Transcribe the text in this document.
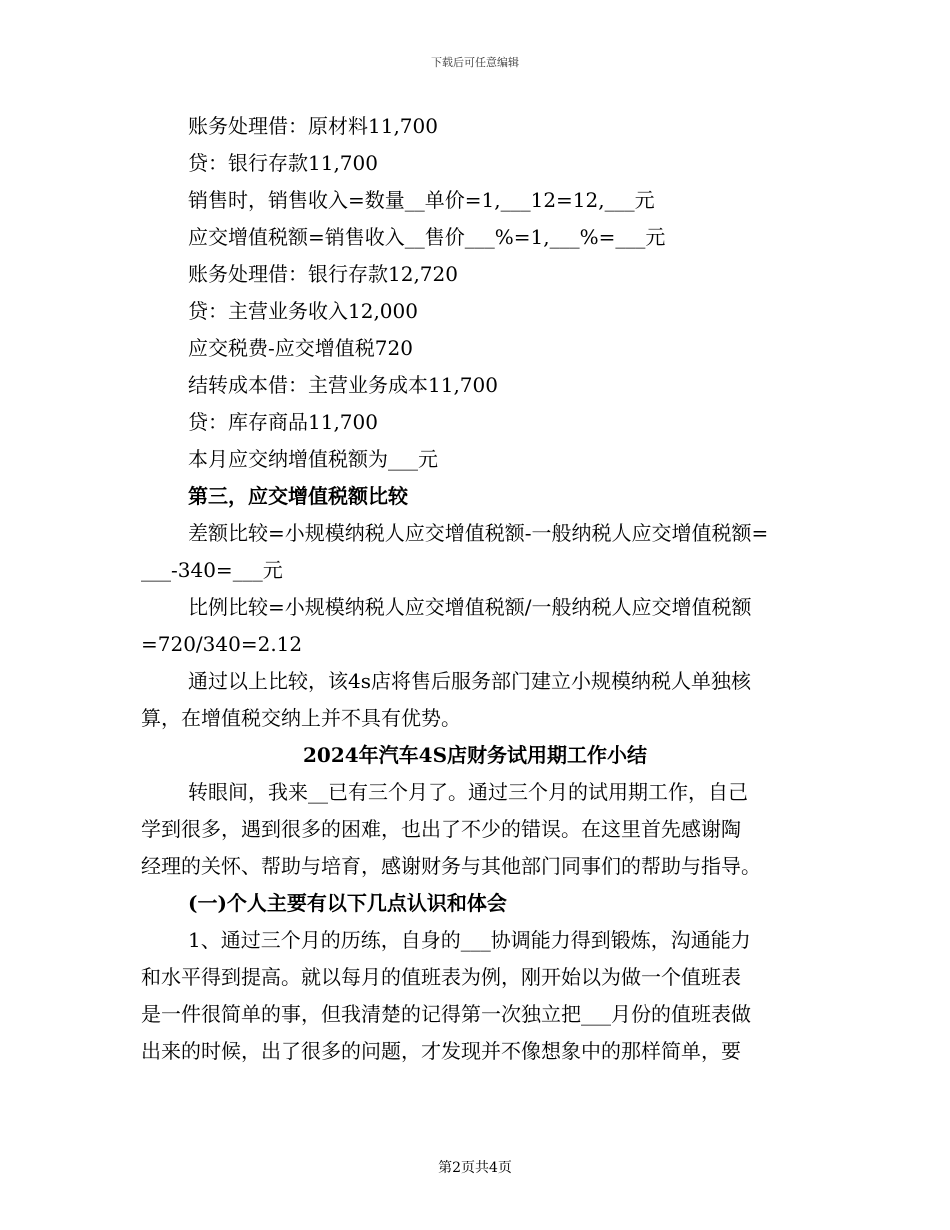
下载后可任意编辑
账务处理借：原材料11,700
贷：银行存款11,700
销售时，销售收入=数量__单价=1,___12=12,___元
应交增值税额=销售收入__售价___%=1,___%=___元
账务处理借：银行存款12,720
贷：主营业务收入12,000
应交税费-应交增值税720
结转成本借：主营业务成本11,700
贷：库存商品11,700
本月应交纳增值税额为___元
第三，应交增值税额比较
差额比较=小规模纳税人应交增值税额-一般纳税人应交增值税额=
___-340=___元
比例比较=小规模纳税人应交增值税额/一般纳税人应交增值税额
=720/340=2.12
通过以上比较，该4s店将售后服务部门建立小规模纳税人单独核
算，在增值税交纳上并不具有优势。
2024年汽车4S店财务试用期工作小结
转眼间，我来__已有三个月了。通过三个月的试用期工作，自己
学到很多，遇到很多的困难，也出了不少的错误。在这里首先感谢陶
经理的关怀、帮助与培育，感谢财务与其他部门同事们的帮助与指导。
(一)个人主要有以下几点认识和体会
1、通过三个月的历练，自身的___协调能力得到锻炼，沟通能力
和水平得到提高。就以每月的值班表为例，刚开始以为做一个值班表
是一件很简单的事，但我清楚的记得第一次独立把___月份的值班表做
出来的时候，出了很多的问题，才发现并不像想象中的那样简单，要
第2页共4页
